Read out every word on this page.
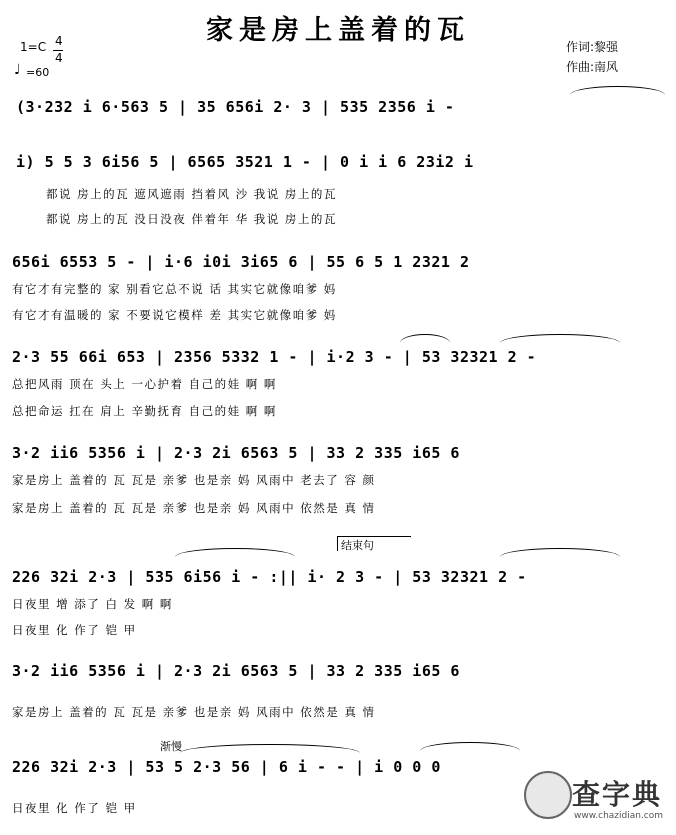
家是房上盖着的瓦
1=C 4
4
♩ =60
作词:黎强
作曲:南风
(3·232 i 6·563 5 | 35 656i 2· 3 | 535 2356 i -
i) 5 5 3 6i56 5 | 6565 3521 1 - | 0 i i 6 23i2 i
都说 房上的瓦 遮风遮雨 挡着风 沙 我说 房上的瓦
都说 房上的瓦 没日没夜 伴着年 华 我说 房上的瓦
656i 6553 5 - | i·6 i0i 3i65 6 | 55 6 5 1 2321 2
有它才有完整的 家 别看它总不说 话 其实它就像咱爹 妈
有它才有温暖的 家 不要说它模样 差 其实它就像咱爹 妈
2·3 55 66i 653 | 2356 5332 1 - | i·2 3 - | 53 32321 2 -
总把风雨 顶在 头上 一心护着 自己的娃 啊 啊
总把命运 扛在 肩上 辛勤抚育 自己的娃 啊 啊
3·2 ii6 5356 i | 2·3 2i 6563 5 | 33 2 335 i65 6
家是房上 盖着的 瓦 瓦是 亲爹 也是亲 妈 风雨中 老去了 容 颜
家是房上 盖着的 瓦 瓦是 亲爹 也是亲 妈 风雨中 依然是 真 情
结束句
226 32i 2·3 | 535 6i56 i - :|| i· 2 3 - | 53 32321 2 -
日夜里 增 添了 白 发 啊 啊
日夜里 化 作了 铠 甲
3·2 ii6 5356 i | 2·3 2i 6563 5 | 33 2 335 i65 6
家是房上 盖着的 瓦 瓦是 亲爹 也是亲 妈 风雨中 依然是 真 情
渐慢
226 32i 2·3 | 53 5 2·3 56 | 6 i - - | i 0 0 0
日夜里 化 作了 铠 甲	查字典
www.chazidian.com
